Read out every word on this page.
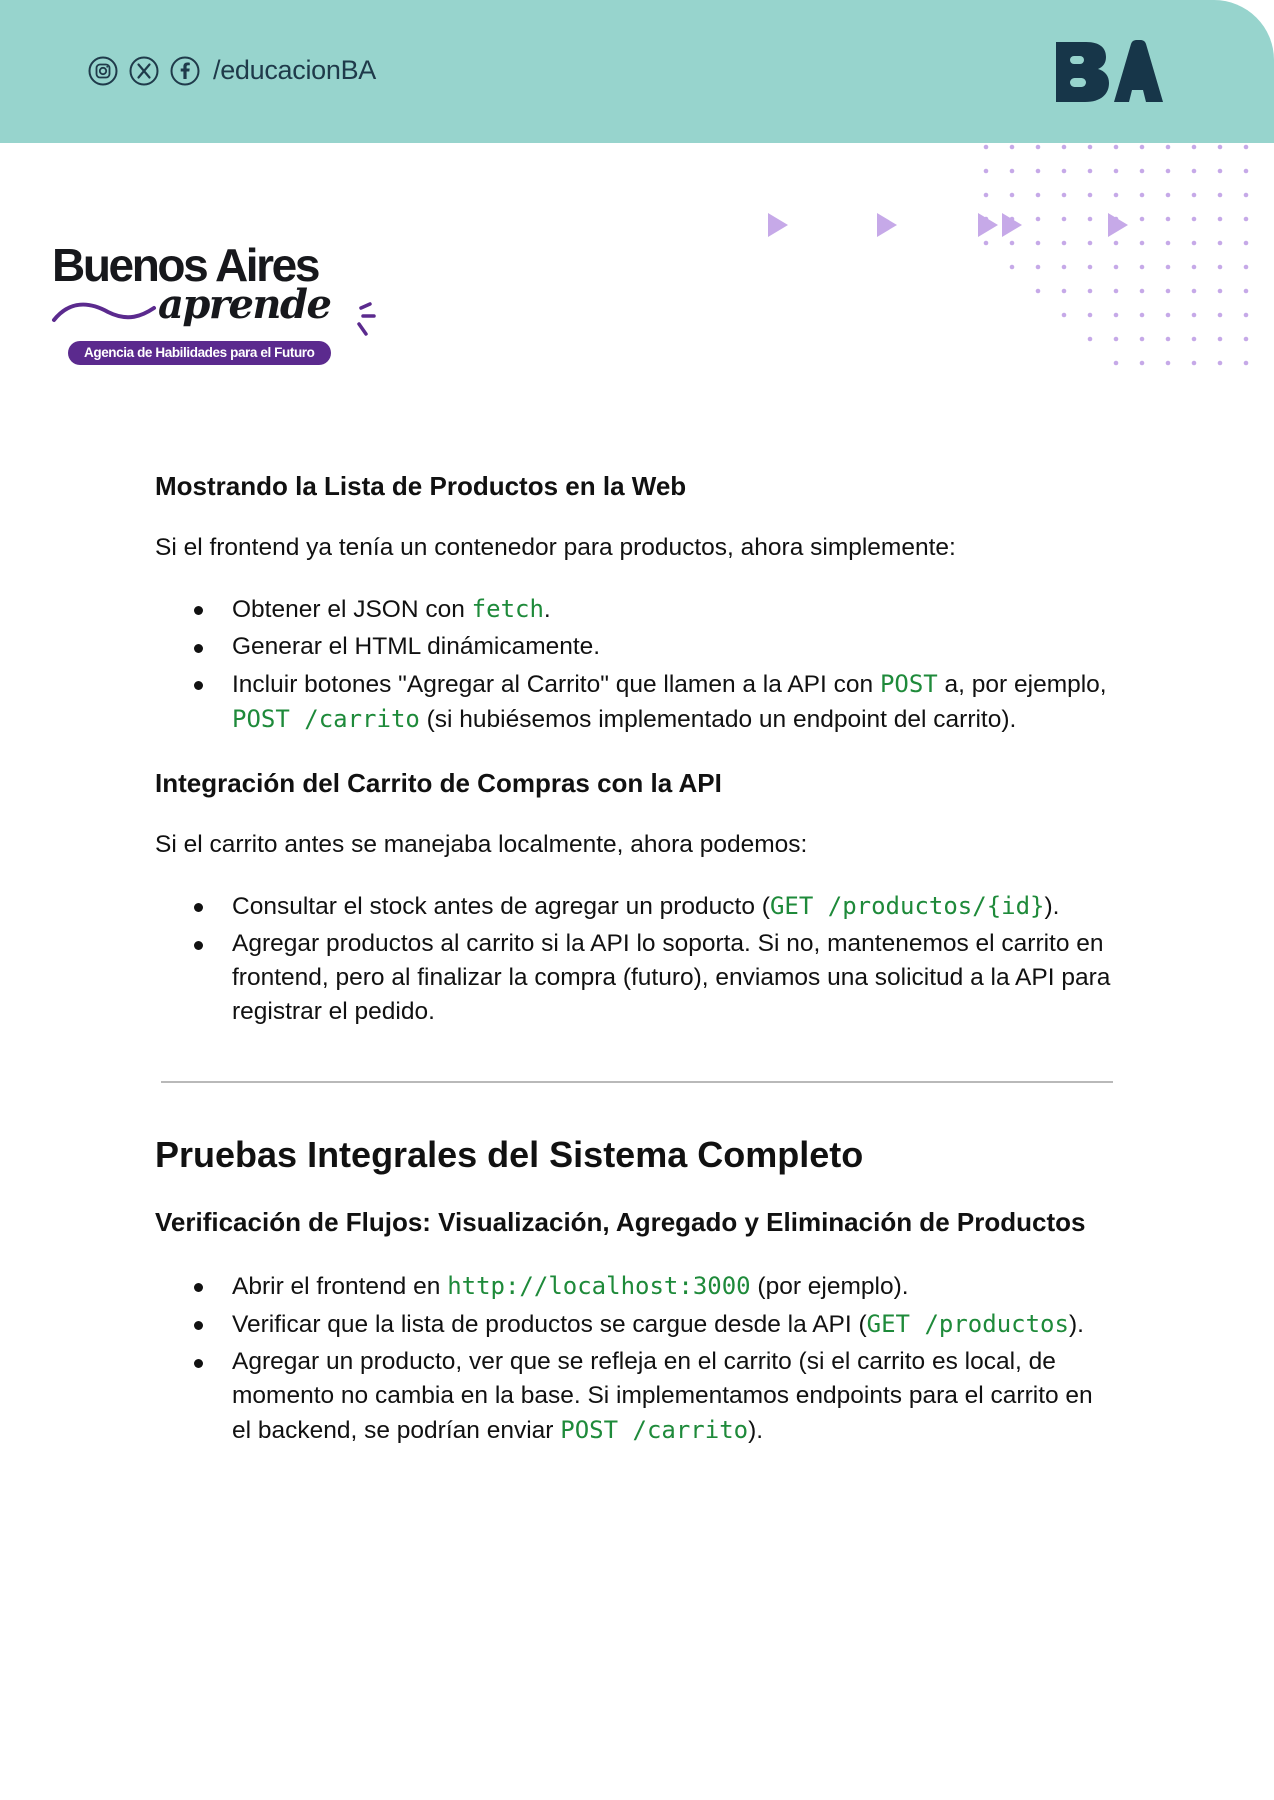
/educacionBA
Buenos Aires
aprende
Agencia de Habilidades para el Futuro
Mostrando la Lista de Productos en la Web

Si el frontend ya tenía un contenedor para productos, ahora simplemente:

Obtener el JSON con fetch.
Generar el HTML dinámicamente.
Incluir botones "Agregar al Carrito" que llamen a la API con POST a, por ejemplo, POST /carrito (si hubiésemos implementado un endpoint del carrito).
Integración del Carrito de Compras con la API

Si el carrito antes se manejaba localmente, ahora podemos:

Consultar el stock antes de agregar un producto (GET /productos/{id}).
Agregar productos al carrito si la API lo soporta. Si no, mantenemos el carrito en frontend, pero al finalizar la compra (futuro), enviamos una solicitud a la API para registrar el pedido.
Pruebas Integrales del Sistema Completo
Verificación de Flujos: Visualización, Agregado y Eliminación de Productos
Abrir el frontend en http://localhost:3000 (por ejemplo).
Verificar que la lista de productos se cargue desde la API (GET /productos).
Agregar un producto, ver que se refleja en el carrito (si el carrito es local, de momento no cambia en la base. Si implementamos endpoints para el carrito en el backend, se podrían enviar POST /carrito).
